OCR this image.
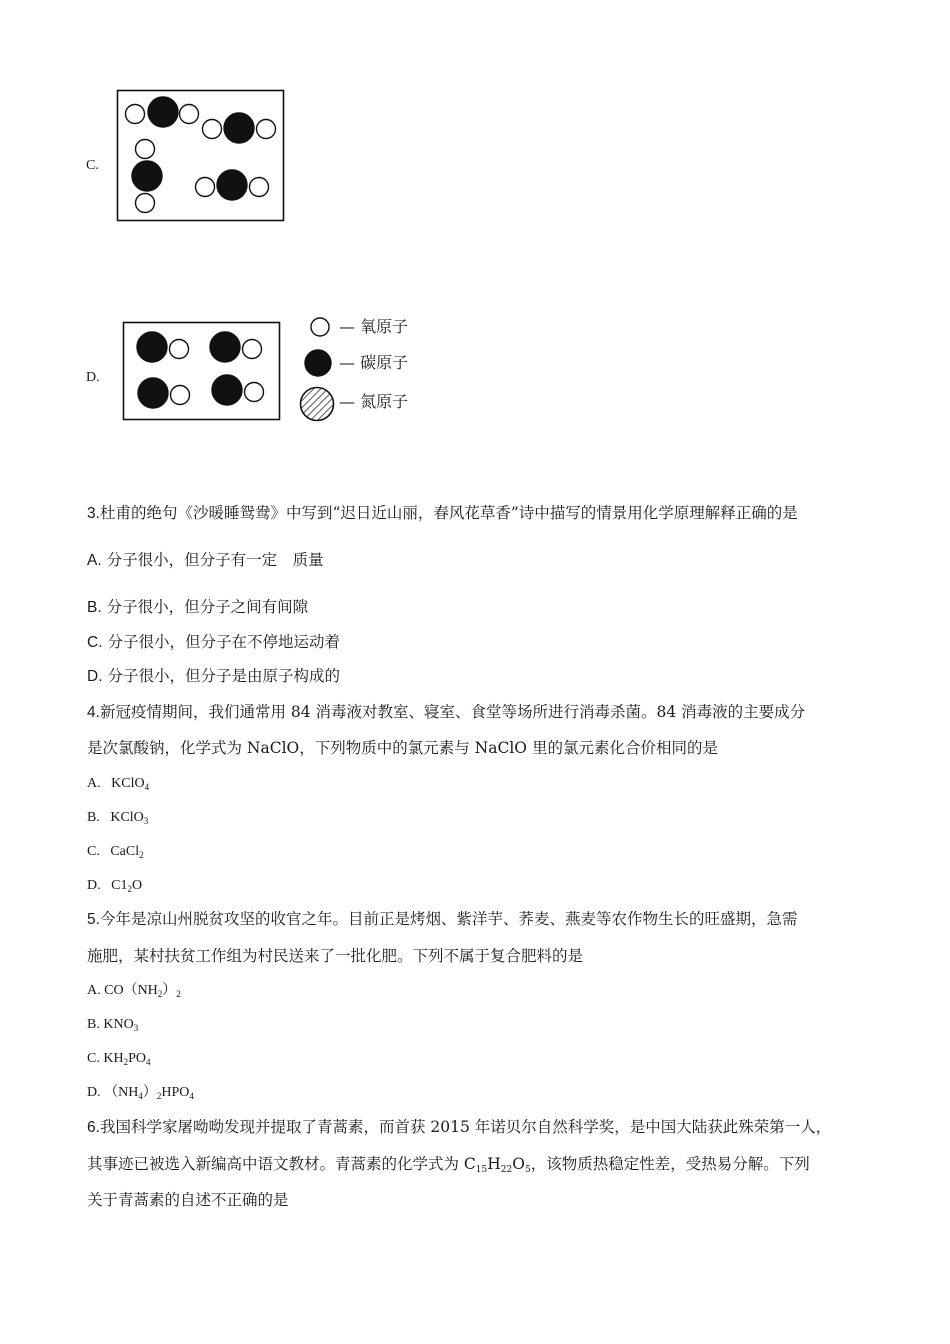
C.
D.
— 氧原子
— 碳原子
— 氮原子
3.杜甫的绝句《沙暖睡鸳鸯》中写到“迟日近山丽，春风花草香”诗中描写的情景用化学原理解释正确的是
A. 分子很小，但分子有一定　质量
B. 分子很小，但分子之间有间隙
C. 分子很小，但分子在不停地运动着
D. 分子很小，但分子是由原子构成的
4.新冠疫情期间，我们通常用 84 消毒液对教室、寝室、食堂等场所进行消毒杀菌。84 消毒液的主要成分
是次氯酸钠，化学式为 NaClO，下列物质中的氯元素与 NaClO 里的氯元素化合价相同的是
A. KClO$_4$
B. KClO$_3$
C. CaCl$_2$
D. $C1_2O$
5.今年是凉山州脱贫攻坚的收官之年。目前正是烤烟、紫洋芋、荞麦、燕麦等农作物生长的旺盛期，急需
施肥，某村扶贫工作组为村民送来了一批化肥。下列不属于复合肥料的是
A. $CO(NH_2)_2$
B. $KNO_3$
C. $KH_2PO_4$
D. $(NH_4)_2HPO_4$
6.我国科学家屠呦呦发现并提取了青蒿素，而首获 2015 年诺贝尔自然科学奖，是中国大陆获此殊荣第一人，
其事迹已被选入新编高中语文教材。青蒿素的化学式为 $C_{15}H_{22}O_5$，该物质热稳定性差，受热易分解。下列
关于青蒿素的自述不正确的是
